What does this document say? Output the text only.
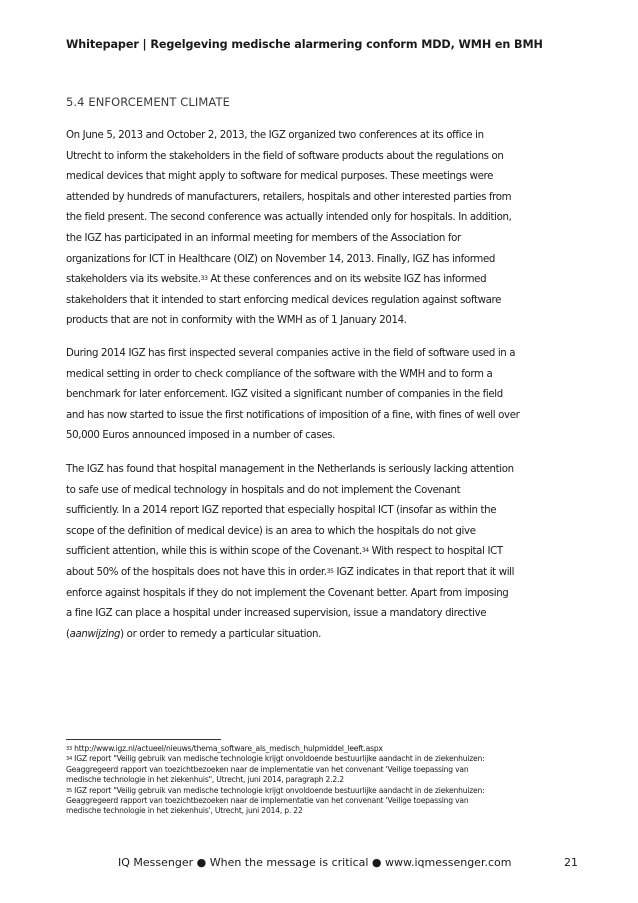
Whitepaper | Regelgeving medische alarmering conform MDD, WMH en BMH
5.4 ENFORCEMENT CLIMATE
On June 5, 2013 and October 2, 2013, the IGZ organized two conferences at its office in
Utrecht to inform the stakeholders in the field of software products about the regulations on
medical devices that might apply to software for medical purposes. These meetings were
attended by hundreds of manufacturers, retailers, hospitals and other interested parties from
the field present. The second conference was actually intended only for hospitals. In addition,
the IGZ has participated in an informal meeting for members of the Association for
organizations for ICT in Healthcare (OIZ) on November 14, 2013. Finally, IGZ has informed
stakeholders via its website.$^{33}$ At these conferences and on its website IGZ has informed
stakeholders that it intended to start enforcing medical devices regulation against software
products that are not in conformity with the WMH as of 1 January 2014.
During 2014 IGZ has first inspected several companies active in the field of software used in a
medical setting in order to check compliance of the software with the WMH and to form a
benchmark for later enforcement. IGZ visited a significant number of companies in the field
and has now started to issue the first notifications of imposition of a fine, with fines of well over
50,000 Euros announced imposed in a number of cases.
The IGZ has found that hospital management in the Netherlands is seriously lacking attention
to safe use of medical technology in hospitals and do not implement the Covenant
sufficiently. In a 2014 report IGZ reported that especially hospital ICT (insofar as within the
scope of the definition of medical device) is an area to which the hospitals do not give
sufficient attention, while this is within scope of the Covenant.$^{34}$ With respect to hospital ICT
about 50% of the hospitals does not have this in order.$^{35}$ IGZ indicates in that report that it will
enforce against hospitals if they do not implement the Covenant better. Apart from imposing
a fine IGZ can place a hospital under increased supervision, issue a mandatory directive
(aanwijzing) or order to remedy a particular situation.

$^{33}$ http://www.igz.nl/actueel/nieuws/thema_software_als_medisch_hulpmiddel_leeft.aspx

$^{34}$ IGZ report "Veilig gebruik van medische technologie krijgt onvoldoende bestuurlijke aandacht in de ziekenhuizen:

Geaggregeerd rapport van toezichtbezoeken naar de implementatie van het convenant 'Veilige toepassing van

medische technologie in het ziekenhuis", Utrecht, juni 2014, paragraph 2.2.2

$^{35}$ IGZ report "Veilig gebruik van medische technologie krijgt onvoldoende bestuurlijke aandacht in de ziekenhuizen:

Geaggregeerd rapport van toezichtbezoeken naar de implementatie van het convenant 'Veilige toepassing van

medische technologie in het ziekenhuis', Utrecht, juni 2014, p. 22

IQ Messenger ● When the message is critical ● www.iqmessenger.com	21
